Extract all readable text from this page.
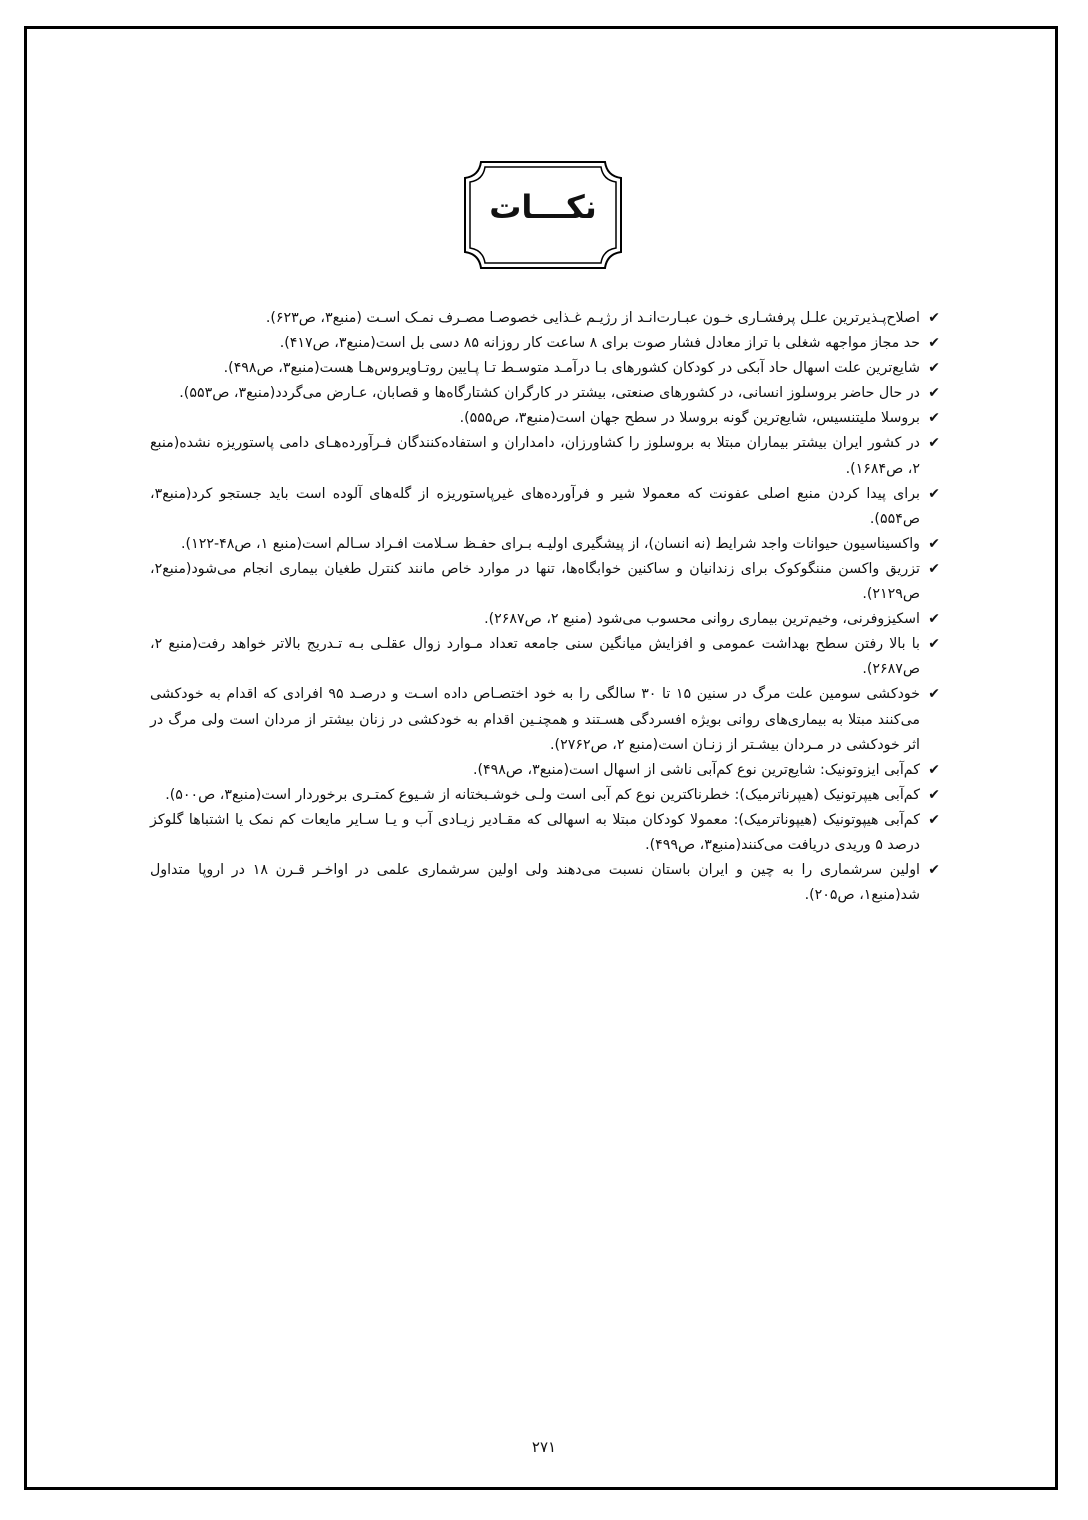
نکـــات
✔
اصلاح‌پـذیرترین علـل پرفشـاری خـون عبـارت‌انـد از رژیـم غـذایی خصوصـا مصـرف نمـک اسـت (منبع۳، ص۶۲۳).
✔
حد مجاز مواجهه شغلی با تراز معادل فشار صوت برای ۸ ساعت کار روزانه ۸۵ دسی بل است(منبع۳، ص۴۱۷).
✔
شایع‌ترین علت اسهال حاد آبکی در کودکان کشورهای بـا درآمـد متوسـط تـا پـایین روتـاویروس‌هـا هست(منبع۳، ص۴۹۸).
✔
در حال حاضر بروسلوز انسانی، در کشورهای صنعتی، بیشتر در کارگران کشتارگاه‌ها و قصابان، عـارض می‌گردد(منبع۳، ص۵۵۳).
✔
بروسلا ملیتنسیس، شایع‌ترین گونه بروسلا در سطح جهان است(منبع۳، ص۵۵۵).
✔
در کشور ایران بیشتر بیماران مبتلا به بروسلوز را کشاورزان، دامداران و استفاده‌کنندگان فـرآورده‌هـای دامی پاستوریزه نشده(منبع ۲، ص۱۶۸۴).
✔
برای پیدا کردن منبع اصلی عفونت که معمولا شیر و فرآورده‌های غیرپاستوریزه از گله‌های آلوده است باید جستجو کرد(منبع۳، ص۵۵۴).
✔
واکسیناسیون حیوانات واجد شرایط (نه انسان)، از پیشگیری اولیـه بـرای حفـظ سـلامت افـراد سـالم است(منبع ۱، ص۴۸-۱۲۲).
✔
تزریق واکسن مننگوکوک برای زندانیان و ساکنین خوابگاه‌ها، تنها در موارد خاص مانند کنترل طغیان بیماری انجام می‌شود(منبع۲، ص۲۱۲۹).
✔
اسکیزوفرنی، وخیم‌ترین بیماری روانی محسوب می‌شود (منبع ۲، ص۲۶۸۷).
✔
با بالا رفتن سطح بهداشت عمومی و افزایش میانگین سنی جامعه تعداد مـوارد زوال عقلـی بـه تـدریج بالاتر خواهد رفت(منبع ۲، ص۲۶۸۷).
✔
خودکشی سومین علت مرگ در سنین ۱۵ تا ۳۰ سالگی را به خود اختصـاص داده اسـت و درصـد ۹۵ افرادی که اقدام به خودکشی می‌کنند مبتلا به بیماری‌های روانی بویژه افسردگی هسـتند و همچنـین اقدام به خودکشی در زنان بیشتر از مردان است ولی مرگ در اثر خودکشی در مـردان بیشـتر از زنـان است(منبع ۲، ص۲۷۶۲).
✔
کم‌آبی ایزوتونیک: شایع‌ترین نوع کم‌آبی ناشی از اسهال است(منبع۳، ص۴۹۸).
✔
کم‌آبی هیپرتونیک (هیپرناترمیک): خطرناکترین نوع کم آبی است ولـی خوشـبختانه از شـیوع کمتـری برخوردار است(منبع۳، ص۵۰۰).
✔
کم‌آبی هیپوتونیک (هیپوناترمیک): معمولا کودکان مبتلا به اسهالی که مقـادیر زیـادی آب و یـا سـایر مایعات کم نمک یا اشتباها گلوکز درصد ۵ وریدی دریافت می‌کنند(منبع۳، ص۴۹۹).
✔
اولین سرشماری را به چین و ایران باستان نسبت می‌دهند ولی اولین سرشماری علمی در اواخـر قـرن ۱۸ در اروپا متداول شد(منبع۱، ص۲۰۵).
۲۷۱
